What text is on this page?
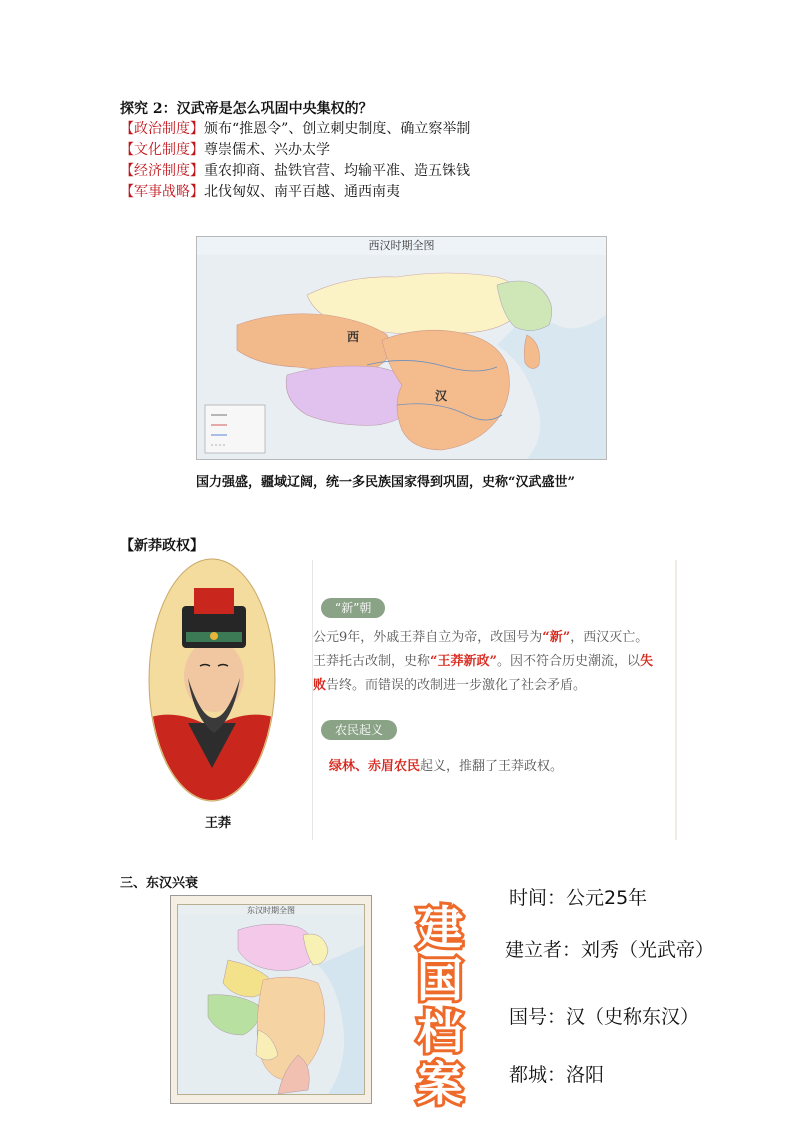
探究 2：汉武帝是怎么巩固中央集权的？
【政治制度】颁布“推恩令”、创立刺史制度、确立察举制
【文化制度】尊崇儒术、兴办太学
【经济制度】重农抑商、盐铁官营、均输平准、造五铢钱
【军事战略】北伐匈奴、南平百越、通西南夷
西汉时期全图
西
汉
国力强盛，疆域辽阔，统一多民族国家得到巩固，史称“汉武盛世”
【新莽政权】
王莽
“新”朝
公元9年，外戚王莽自立为帝，改国号为“新”，西汉灭亡。王莽托古改制，史称“王莽新政”。因不符合历史潮流，以失败告终。而错误的改制进一步激化了社会矛盾。
农民起义
绿林、赤眉农民起义，推翻了王莽政权。
三、东汉兴衰
东汉时期全图	建
国
档
案
时间：公元25年
建立者：刘秀（光武帝）
国号：汉（史称东汉）
都城：洛阳
